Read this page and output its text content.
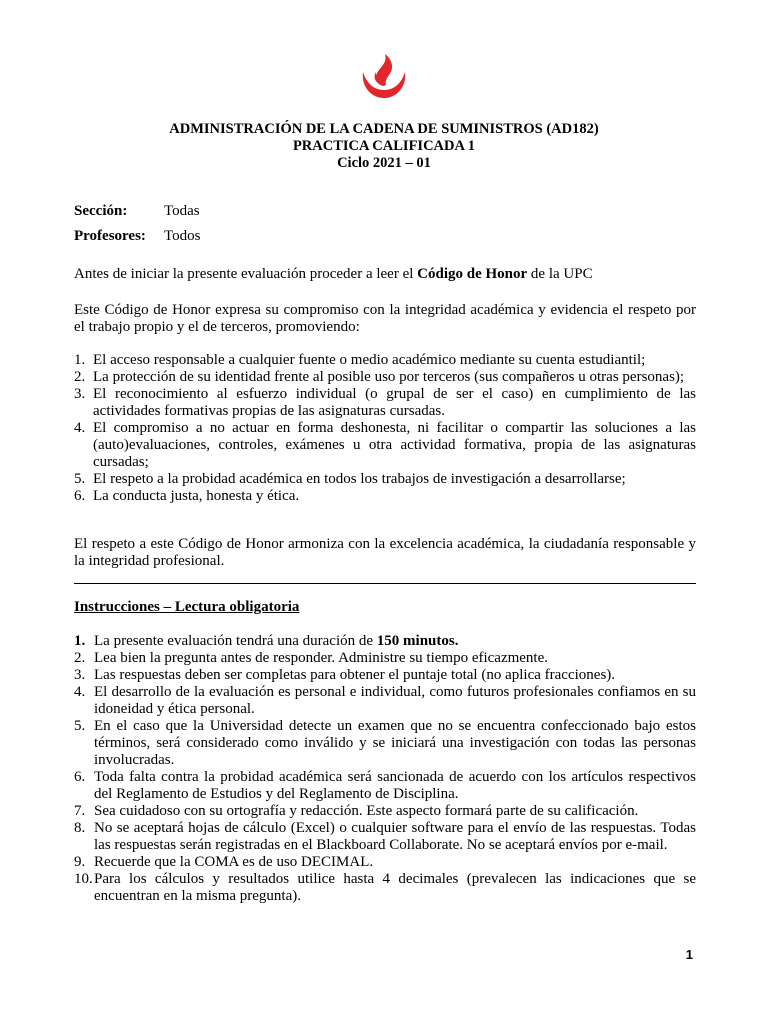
ADMINISTRACIÓN DE LA CADENA DE SUMINISTROS (AD182)
PRACTICA CALIFICADA 1
Ciclo 2021 – 01
Sección: Todas
Profesores: Todos
Antes de iniciar la presente evaluación proceder a leer el Código de Honor de la UPC
Este Código de Honor expresa su compromiso con la integridad académica y evidencia el respeto por el trabajo propio y el de terceros, promoviendo:
1. El acceso responsable a cualquier fuente o medio académico mediante su cuenta estudiantil;
2. La protección de su identidad frente al posible uso por terceros (sus compañeros u otras personas);
3. El reconocimiento al esfuerzo individual (o grupal de ser el caso) en cumplimiento de las actividades formativas propias de las asignaturas cursadas.
4. El compromiso a no actuar en forma deshonesta, ni facilitar o compartir las soluciones a las (auto)evaluaciones, controles, exámenes u otra actividad formativa, propia de las asignaturas cursadas;
5. El respeto a la probidad académica en todos los trabajos de investigación a desarrollarse;
6. La conducta justa, honesta y ética.
El respeto a este Código de Honor armoniza con la excelencia académica, la ciudadanía responsable y la integridad profesional.
Instrucciones – Lectura obligatoria
1. La presente evaluación tendrá una duración de 150 minutos.
2. Lea bien la pregunta antes de responder. Administre su tiempo eficazmente.
3. Las respuestas deben ser completas para obtener el puntaje total (no aplica fracciones).
4. El desarrollo de la evaluación es personal e individual, como futuros profesionales confiamos en su idoneidad y ética personal.
5. En el caso que la Universidad detecte un examen que no se encuentra confeccionado bajo estos términos, será considerado como inválido y se iniciará una investigación con todas las personas involucradas.
6. Toda falta contra la probidad académica será sancionada de acuerdo con los artículos respectivos del Reglamento de Estudios y del Reglamento de Disciplina.
7. Sea cuidadoso con su ortografía y redacción. Este aspecto formará parte de su calificación.
8. No se aceptará hojas de cálculo (Excel) o cualquier software para el envío de las respuestas. Todas las respuestas serán registradas en el Blackboard Collaborate. No se aceptará envíos por e-mail.
9. Recuerde que la COMA es de uso DECIMAL.
10. Para los cálculos y resultados utilice hasta 4 decimales (prevalecen las indicaciones que se encuentran en la misma pregunta).
1
